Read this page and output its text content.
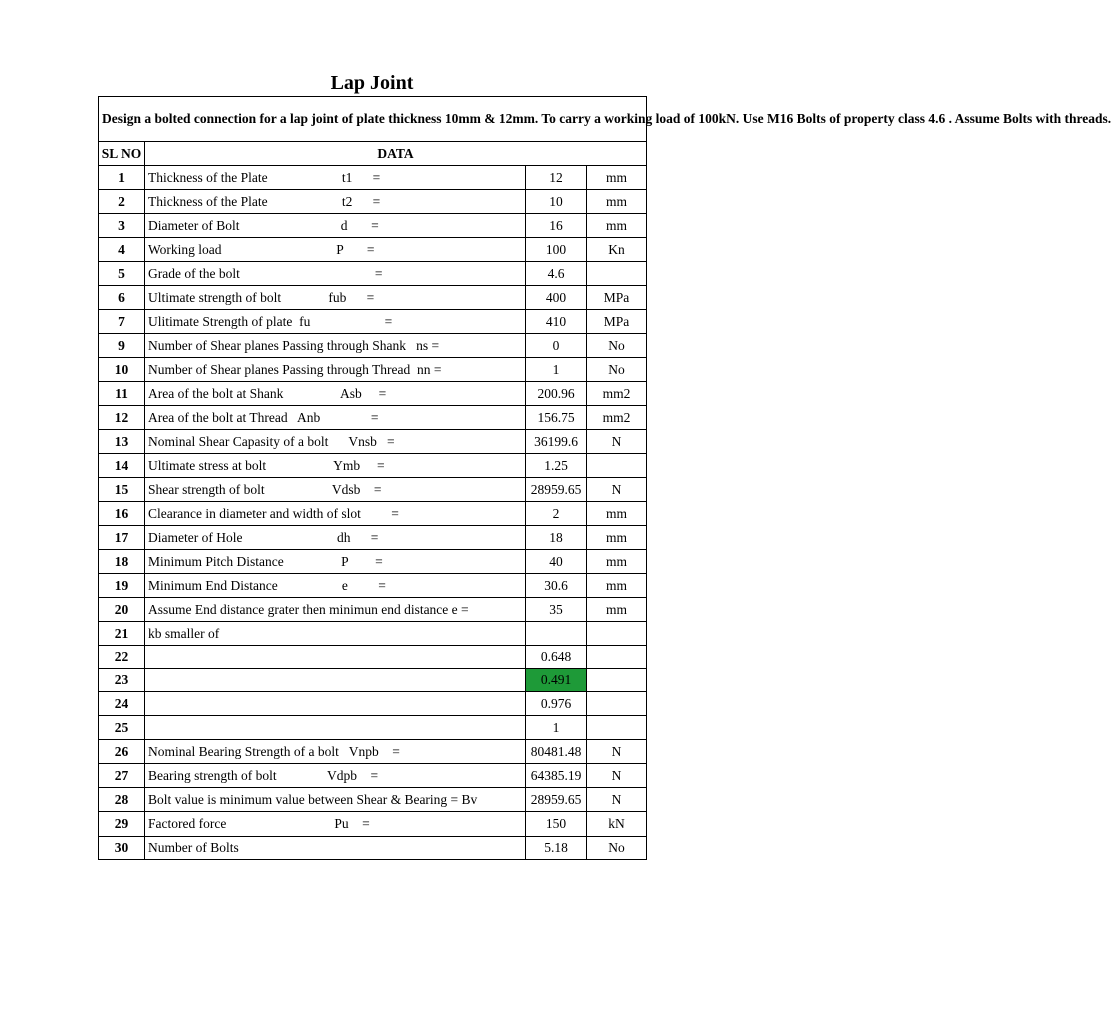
Lap Joint
Design a bolted connection for a lap joint of plate thickness 10mm & 12mm. To carry a working load of 100kN. Use M16 Bolts of property class 4.6 . Assume Bolts with threads.			
SL NO	DATA		
1	Thickness of the Plate                      t1      =	12	mm
2	Thickness of the Plate                      t2      =	10	mm
3	Diameter of Bolt                              d       =	16	mm
4	Working load                                  P       =	100	Kn
5	Grade of the bolt                                        =	4.6	
6	Ultimate strength of bolt              fub      =	400	MPa
7	Ulitimate Strength of plate  fu                      =	410	MPa
9	Number of Shear planes Passing through Shank   ns =	0	No
10	Number of Shear planes Passing through Thread  nn =	1	No
11	Area of the bolt at Shank                 Asb     =	200.96	mm2
12	Area of the bolt at Thread   Anb               =	156.75	mm2
13	Nominal Shear Capasity of a bolt      Vnsb   =	36199.6	N
14	Ultimate stress at bolt                    Ymb     =	1.25	
15	Shear strength of bolt                    Vdsb    =	28959.65	N
16	Clearance in diameter and width of slot         =	2	mm
17	Diameter of Hole                            dh      =	18	mm
18	Minimum Pitch Distance                 P        =	40	mm
19	Minimum End Distance                   e         =	30.6	mm
20	Assume End distance grater then minimun end distance e =	35	mm
21	kb smaller of		
22		0.648	
23		0.491	
24		0.976	
25		1	
26	Nominal Bearing Strength of a bolt   Vnpb    =	80481.48	N
27	Bearing strength of bolt               Vdpb    =	64385.19	N
28	Bolt value is minimum value between Shear & Bearing = Bv	28959.65	N
29	Factored force                                Pu    =	150	kN
30	Number of Bolts	5.18	No
